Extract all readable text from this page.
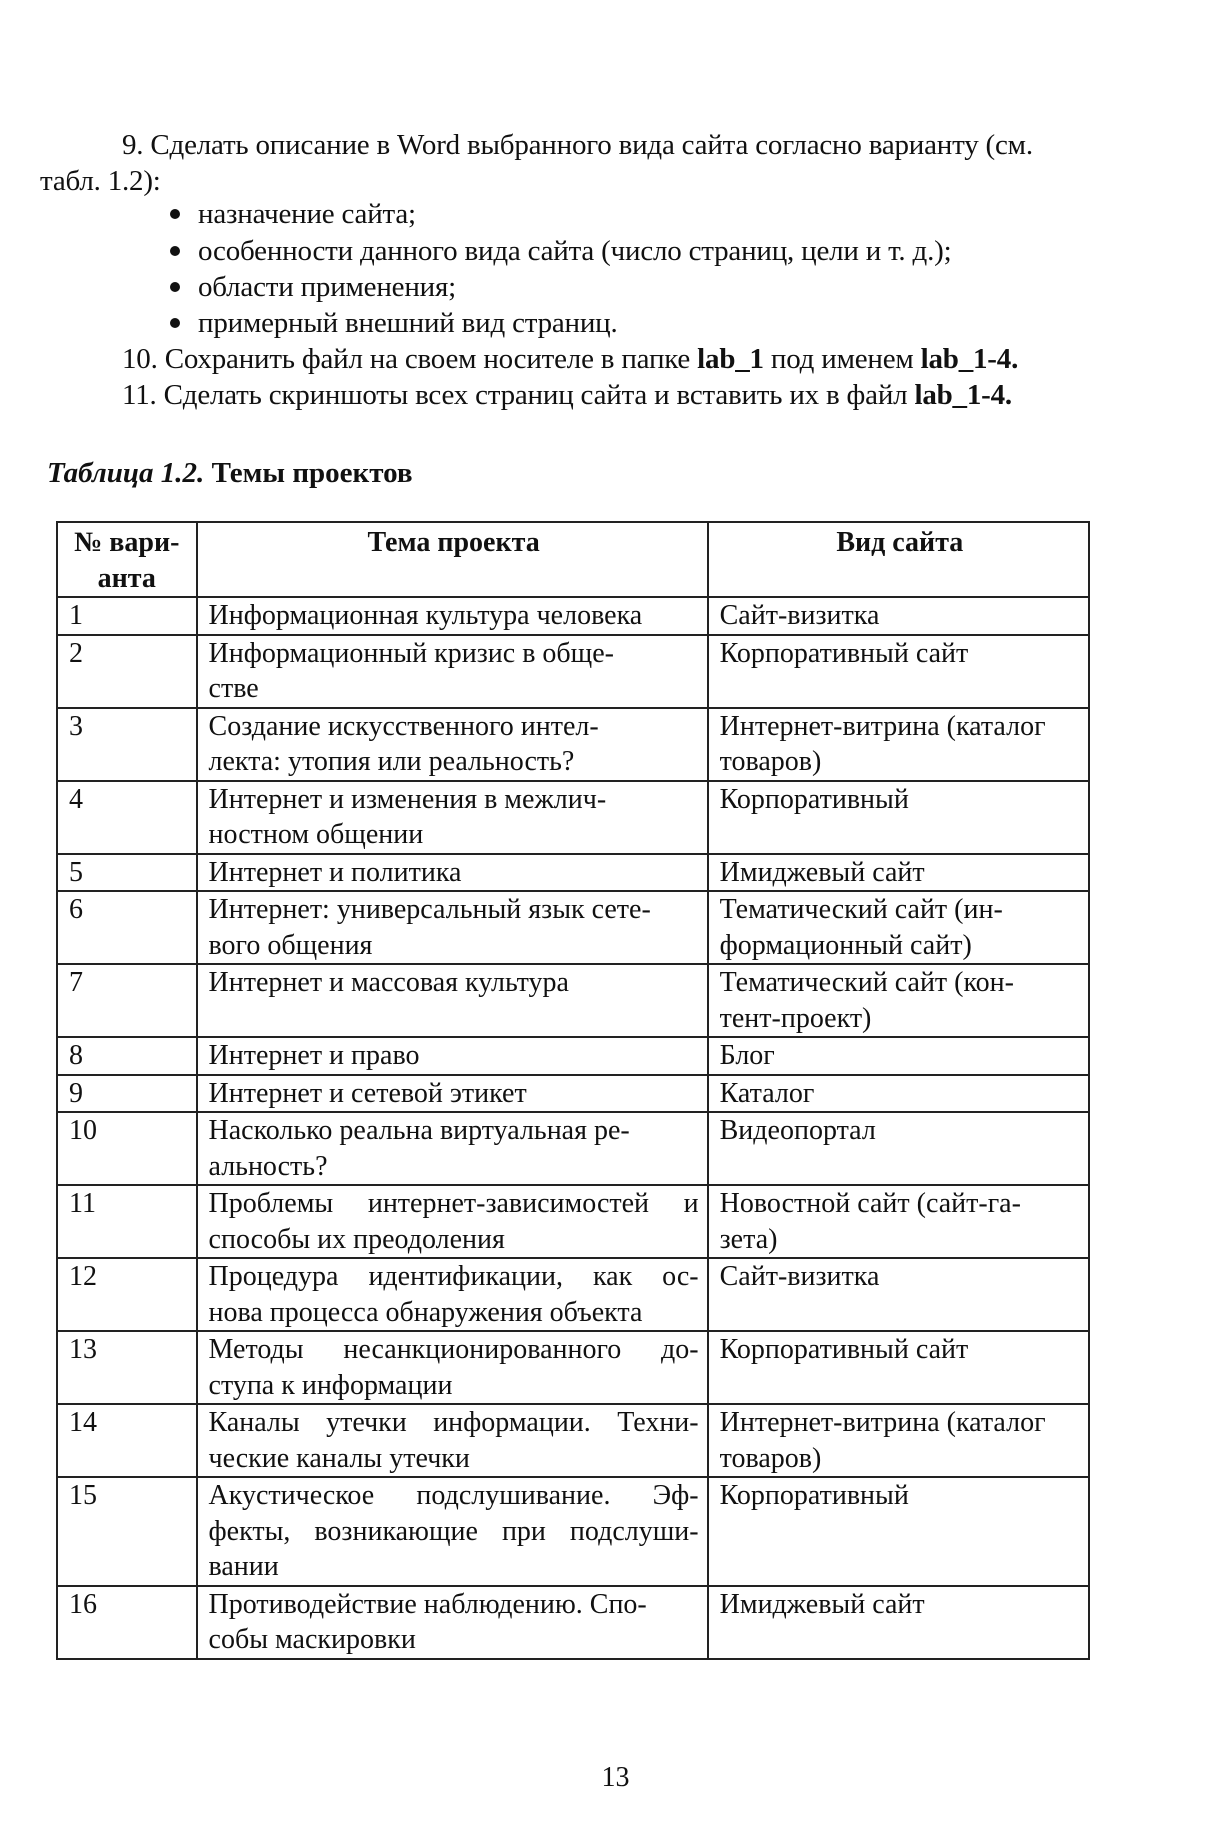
9. Сделать описание в Word выбранного вида сайта согласно варианту (см.
табл. 1.2):
назначение сайта;
особенности данного вида сайта (число страниц, цели и т. д.);
области применения;
примерный внешний вид страниц.
10. Сохранить файл на своем носителе в папке lab_1 под именем lab_1-4.
11. Сделать скриншоты всех страниц сайта и вставить их в файл lab_1-4.
Таблица 1.2. Темы проектов
№ вари-
анта	Тема проекта	Вид сайта
1	Информационная культура человека	Сайт-визитка

2	Информационный кризис в обще-
стве	Корпоративный сайт

3	Создание искусственного интел-
лекта: утопия или реальность?	Интернет-витрина (каталог
товаров)

4	Интернет и изменения в межлич-
ностном общении	Корпоративный

5	Интернет и политика	Имиджевый сайт

6	Интернет: универсальный язык сете-
вого общения	Тематический сайт (ин-
формационный сайт)

7	Интернет и массовая культура	Тематический сайт (кон-
тент-проект)

8	Интернет и право	Блог

9	Интернет и сетевой этикет	Каталог

10	Насколько реальна виртуальная ре-
альность?	Видеопортал

11	Проблемы интернет-зависимостей и
способы их преодоления	Новостной сайт (сайт-га-
зета)

12	Процедура идентификации, как ос-
нова процесса обнаружения объекта	Сайт-визитка

13	Методы несанкционированного до-
ступа к информации	Корпоративный сайт

14	Каналы утечки информации. Техни-
ческие каналы утечки	Интернет-витрина (каталог
товаров)

15	Акустическое подслушивание. Эф-
фекты, возникающие при подслуши-
вании	Корпоративный

16	Противодействие наблюдению. Спо-
собы маскировки	Имиджевый сайт
13
